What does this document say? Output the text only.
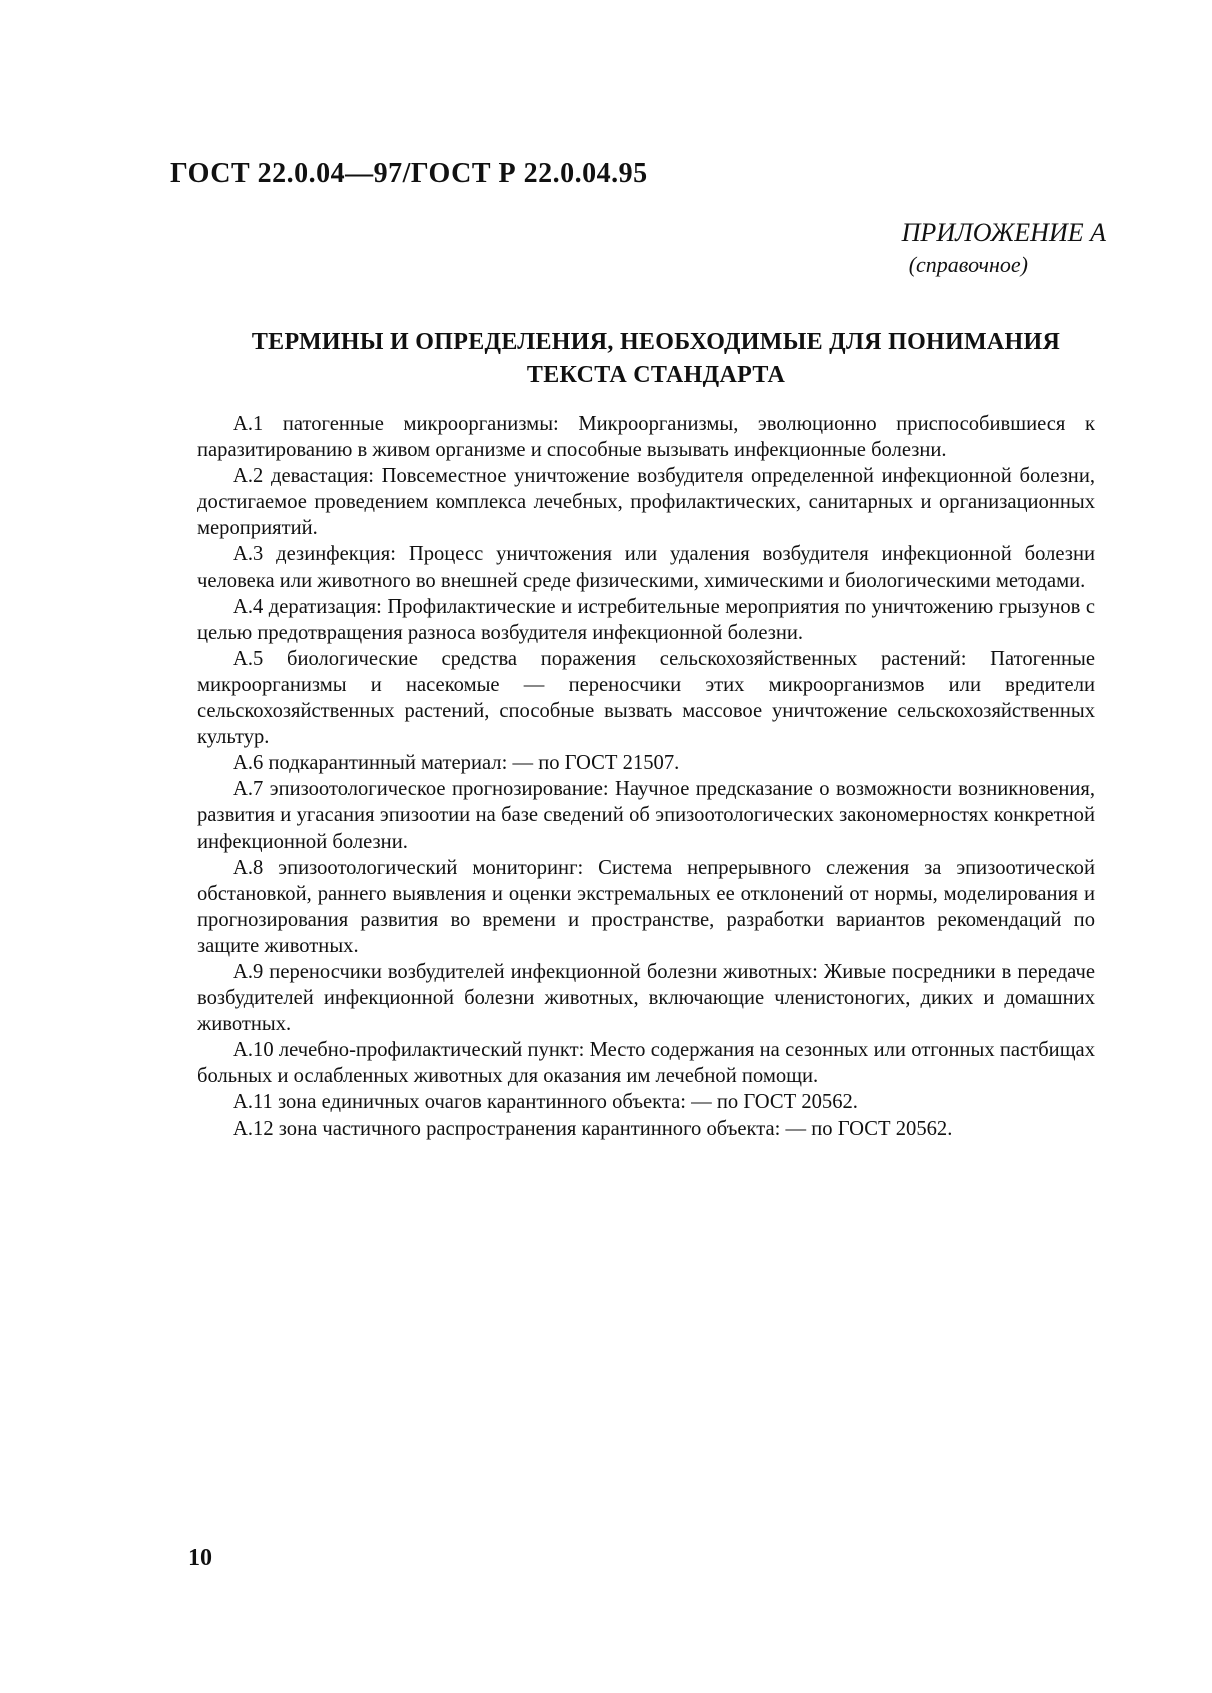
ГОСТ 22.0.04—97/ГОСТ Р 22.0.04.95
ПРИЛОЖЕНИЕ А
(справочное)
ТЕРМИНЫ И ОПРЕДЕЛЕНИЯ, НЕОБХОДИМЫЕ ДЛЯ ПОНИМАНИЯ
ТЕКСТА СТАНДАРТА

А.1 патогенные микроорганизмы: Микроорганизмы, эволюционно приспособившиеся к паразитированию в живом организме и способные вызывать инфекционные болезни.

А.2 девастация: Повсеместное уничтожение возбудителя определенной инфекционной болезни, достигаемое проведением комплекса лечебных, профилактических, санитарных и организационных мероприятий.

А.3 дезинфекция: Процесс уничтожения или удаления возбудителя инфекционной болезни человека или животного во внешней среде физическими, химическими и биологическими методами.

А.4 дератизация: Профилактические и истребительные мероприятия по уничтожению грызунов с целью предотвращения разноса возбудителя инфекционной болезни.

А.5 биологические средства поражения сельскохозяйственных растений: Патогенные микроорганизмы и насекомые — переносчики этих микроорганизмов или вредители сельскохозяйственных растений, способные вызвать массовое уничтожение сельскохозяйственных культур.

А.6 подкарантинный материал: — по ГОСТ 21507.

А.7 эпизоотологическое прогнозирование: Научное предсказание о возможности возникновения, развития и угасания эпизоотии на базе сведений об эпизоотологических закономерностях конкретной инфекционной болезни.

А.8 эпизоотологический мониторинг: Система непрерывного слежения за эпизоотической обстановкой, раннего выявления и оценки экстремальных ее отклонений от нормы, моделирования и прогнозирования развития во времени и пространстве, разработки вариантов рекомендаций по защите животных.

А.9 переносчики возбудителей инфекционной болезни животных: Живые посредники в передаче возбудителей инфекционной болезни животных, включающие членистоногих, диких и домашних животных.

А.10 лечебно-профилактический пункт: Место содержания на сезонных или отгонных пастбищах больных и ослабленных животных для оказания им лечебной помощи.

А.11 зона единичных очагов карантинного объекта: — по ГОСТ 20562.

А.12 зона частичного распространения карантинного объекта: — по ГОСТ 20562.

10
